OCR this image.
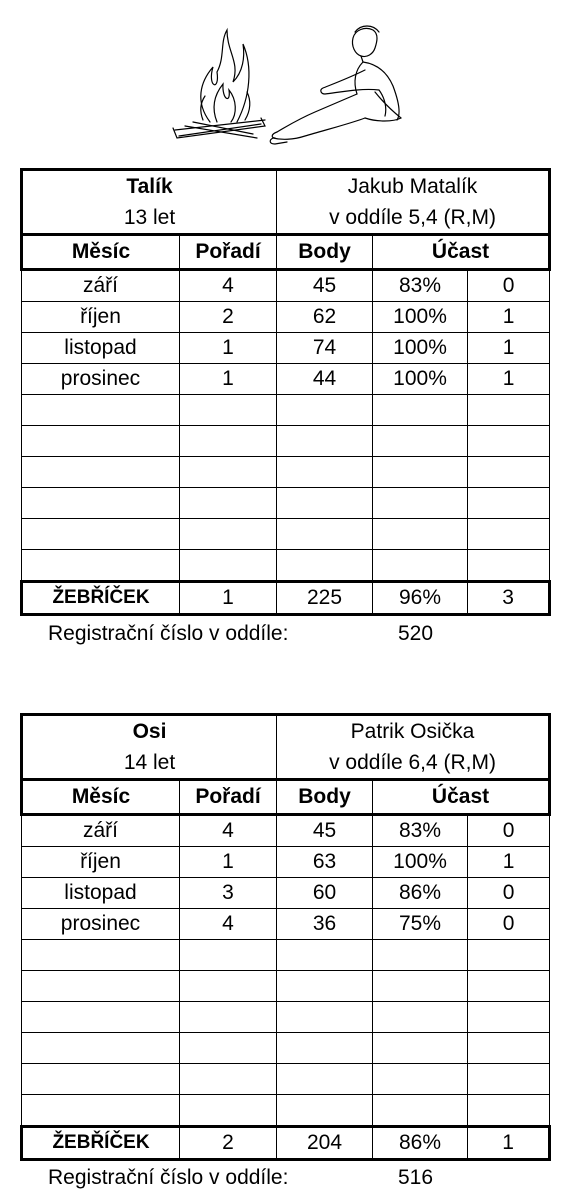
Talík		Jakub Matalík		
13 let		v oddíle 5,4 (R,M)		
Měsíc	Pořadí	Body	Účast	
září	4	45	83%	0
říjen	2	62	100%	1
listopad	1	74	100%	1
prosinec	1	44	100%	1

ŽEBŘÍČEK	1	225	96%	3
Registrační číslo v oddíle:	520
Osi		Patrik Osička		
14 let		v oddíle 6,4 (R,M)		
Měsíc	Pořadí	Body	Účast	
září	4	45	83%	0
říjen	1	63	100%	1
listopad	3	60	86%	0
prosinec	4	36	75%	0

ŽEBŘÍČEK	2	204	86%	1
Registrační číslo v oddíle:	516
